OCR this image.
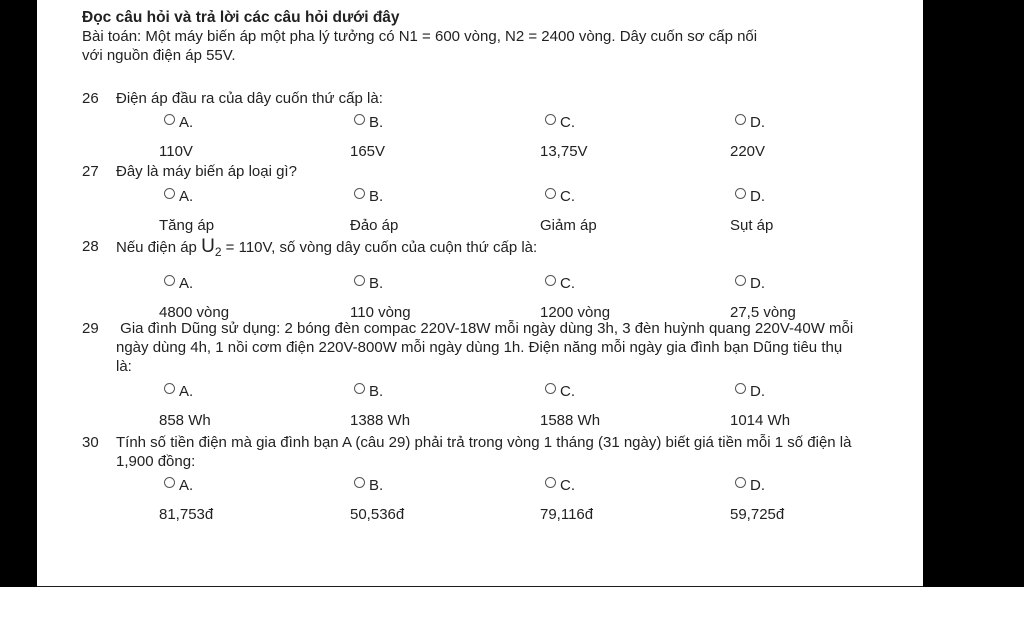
Đọc câu hỏi và trả lời các câu hỏi dưới đây
Bài toán: Một máy biến áp một pha lý tưởng có N1 = 600 vòng, N2 = 2400 vòng. Dây cuốn sơ cấp nối
với nguồn điện áp 55V.
26	Điện áp đầu ra của dây cuốn thứ cấp là:
A.	B.	C.	D.
110V	165V	13,75V	220V
27	Đây là máy biến áp loại gì?
A.	B.	C.	D.
Tăng áp	Đảo áp	Giảm áp	Sụt áp
28	Nếu điện áp $U_2 = 110V$, số vòng dây cuốn của cuộn thứ cấp là:
A.	B.	C.	D.
4800 vòng	110 vòng	1200 vòng	27,5 vòng
29	Gia đình Dũng sử dụng: 2 bóng đèn compac 220V-18W mỗi ngày dùng 3h, 3 đèn huỳnh quang 220V-40W mỗi
ngày dùng 4h, 1 nồi cơm điện 220V-800W mỗi ngày dùng 1h. Điện năng mỗi ngày gia đình bạn Dũng tiêu thụ
là:
A.	B.	C.	D.
858 Wh	1388 Wh	1588 Wh	1014 Wh
30	Tính số tiền điện mà gia đình bạn A (câu 29) phải trả trong vòng 1 tháng (31 ngày) biết giá tiền mỗi 1 số điện là
1,900 đồng:
A.	B.	C.	D.
81,753đ	50,536đ	79,116đ	59,725đ
